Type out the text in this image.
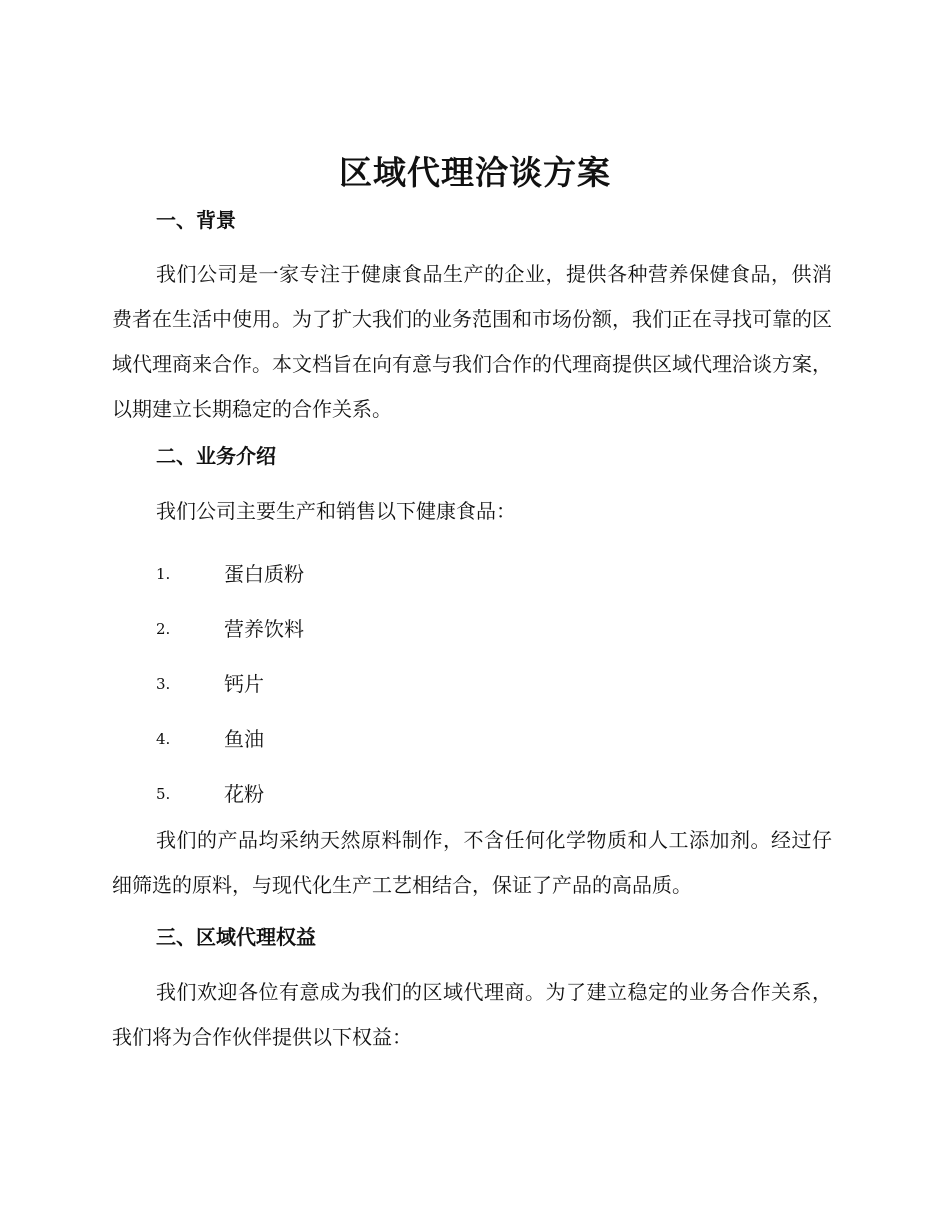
区域代理洽谈方案
一、背景

我们公司是一家专注于健康食品生产的企业，提供各种营养保健食品，供消费者在生活中使用。为了扩大我们的业务范围和市场份额，我们正在寻找可靠的区域代理商来合作。本文档旨在向有意与我们合作的代理商提供区域代理洽谈方案，以期建立长期稳定的合作关系。

二、业务介绍

我们公司主要生产和销售以下健康食品：

1.	蛋白质粉
2.	营养饮料
3.	钙片
4.	鱼油
5.	花粉

我们的产品均采纳天然原料制作，不含任何化学物质和人工添加剂。经过仔细筛选的原料，与现代化生产工艺相结合，保证了产品的高品质。

三、区域代理权益

我们欢迎各位有意成为我们的区域代理商。为了建立稳定的业务合作关系，我们将为合作伙伴提供以下权益：
